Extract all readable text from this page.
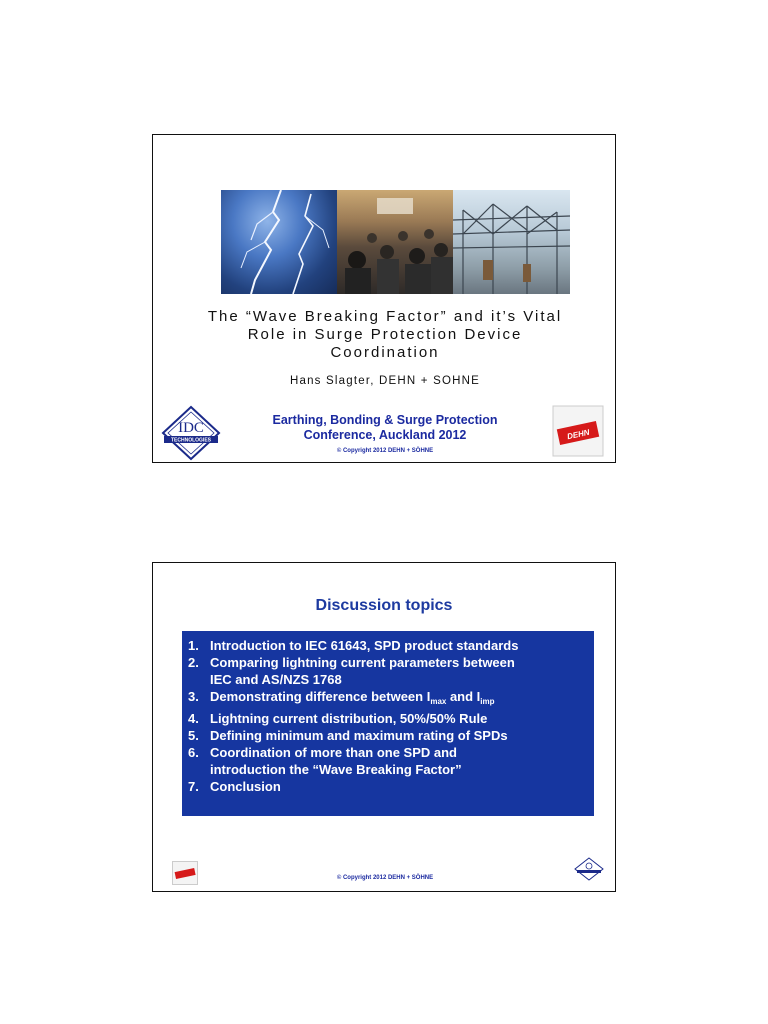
The “Wave Breaking Factor” and it’s Vital
Role in Surge Protection Device
Coordination
Hans Slagter, DEHN + SOHNE
Earthing, Bonding & Surge Protection
Conference, Auckland 2012
© Copyright 2012 DEHN + SÖHNE
IDC
TECHNOLOGIES	DEHN
Discussion topics
1. Introduction to IEC 61643, SPD product standards
2. Comparing lightning current parameters between
IEC and AS/NZS 1768
3. Demonstrating difference between $I_{max}$ and $I_{imp}$
4. Lightning current distribution, 50%/50% Rule
5. Defining minimum and maximum rating of SPDs
6. Coordination of more than one SPD and
introduction the “Wave Breaking Factor”
7. Conclusion
© Copyright 2012 DEHN + SÖHNE
